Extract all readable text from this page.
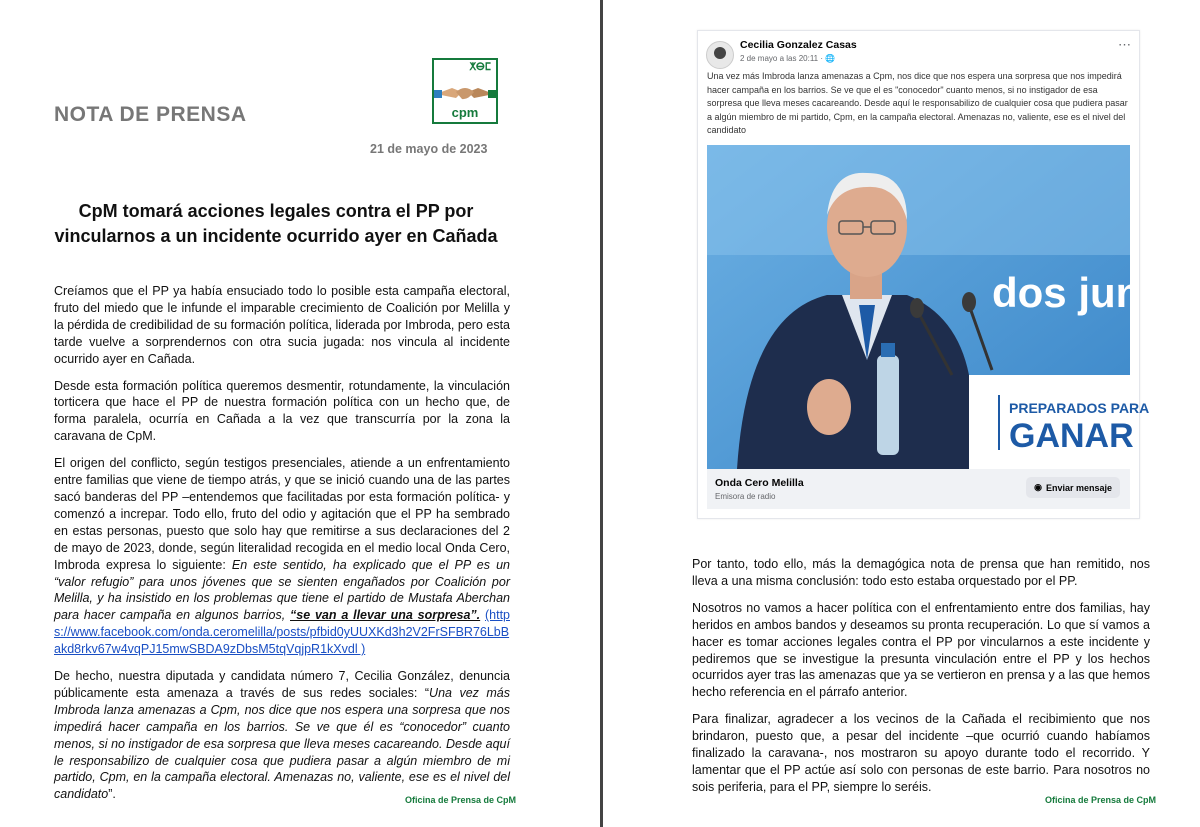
NOTA DE PRENSA
ⵅⴱⵎ
cpm
21 de mayo de 2023
CpM tomará acciones legales contra el PP por vincularnos a un incidente ocurrido ayer en Cañada

Creíamos que el PP ya había ensuciado todo lo posible esta campaña electoral, fruto del miedo que le infunde el imparable crecimiento de Coalición por Melilla y la pérdida de credibilidad de su formación política, liderada por Imbroda, pero esta tarde vuelve a sorprendernos con otra sucia jugada: nos vincula al incidente ocurrido ayer en Cañada.

Desde esta formación política queremos desmentir, rotundamente, la vinculación torticera que hace el PP de nuestra formación política con un hecho que, de forma paralela, ocurría en Cañada a la vez que transcurría por la zona la caravana de CpM.

El origen del conflicto, según testigos presenciales, atiende a un enfrentamiento entre familias que viene de tiempo atrás, y que se inició cuando una de las partes sacó banderas del PP –entendemos que facilitadas por esta formación política- y comenzó a increpar. Todo ello, fruto del odio y agitación que el PP ha sembrado en estas personas, puesto que solo hay que remitirse a sus declaraciones del 2 de mayo de 2023, donde, según literalidad recogida en el medio local Onda Cero, Imbroda expresa lo siguiente: En este sentido, ha explicado que el PP es un “valor refugio” para unos jóvenes que se sienten engañados por Coalición por Melilla, y ha insistido en los problemas que tiene el partido de Mustafa Aberchan para hacer campaña en algunos barrios, “se van a llevar una sorpresa”. (https://www.facebook.com/onda.ceromelilla/posts/pfbid0yUUXKd3h2V2FrSFBR76LbBakd8rkv67w4vqPJ15mwSBDA9zDbsM5tqVqjpR1kXvdl )

De hecho, nuestra diputada y candidata número 7, Cecilia González, denuncia públicamente esta amenaza a través de sus redes sociales: “Una vez más Imbroda lanza amenazas a Cpm, nos dice que nos espera una sorpresa que nos impedirá hacer campaña en los barrios. Se ve que él es “conocedor” cuanto menos, si no instigador de esa sorpresa que lleva meses cacareando. Desde aquí le responsabilizo de cualquier cosa que pudiera pasar a algún miembro de mi partido, Cpm, en la campaña electoral. Amenazas no, valiente, ese es el nivel del candidato”.	Oficina de Prensa de CpM
Cecilia Gonzalez Casas
2 de mayo a las 20:11 · 🌐
⋯
Una vez más Imbroda lanza amenazas a Cpm, nos dice que nos espera una sorpresa que nos impedirá hacer campaña en los barrios. Se ve que el es "conocedor" cuanto menos, si no instigador de esa sorpresa que lleva meses cacareando. Desde aquí le responsabilizo de cualquier cosa que pudiera pasar a algún miembro de mi partido, Cpm, en la campaña electoral. Amenazas no, valiente, ese es el nivel del candidato
dos junto
PREPARADOS PARA
GANAR
Onda Cero Melilla
Emisora de radio
◉ Enviar mensaje

Por tanto, todo ello, más la demagógica nota de prensa que han remitido, nos lleva a una misma conclusión: todo esto estaba orquestado por el PP.

Nosotros no vamos a hacer política con el enfrentamiento entre dos familias, hay heridos en ambos bandos y deseamos su pronta recuperación. Lo que sí vamos a hacer es tomar acciones legales contra el PP por vincularnos a este incidente y pediremos que se investigue la presunta vinculación entre el PP y los hechos ocurridos ayer tras las amenazas que ya se vertieron en prensa y a las que hemos hecho referencia en el párrafo anterior.

Para finalizar, agradecer a los vecinos de la Cañada el recibimiento que nos brindaron, puesto que, a pesar del incidente –que ocurrió cuando habíamos finalizado la caravana-, nos mostraron su apoyo durante todo el recorrido. Y lamentar que el PP actúe así solo con personas de este barrio. Para nosotros no sois periferia, para el PP, siempre lo seréis.

Oficina de Prensa de CpM
